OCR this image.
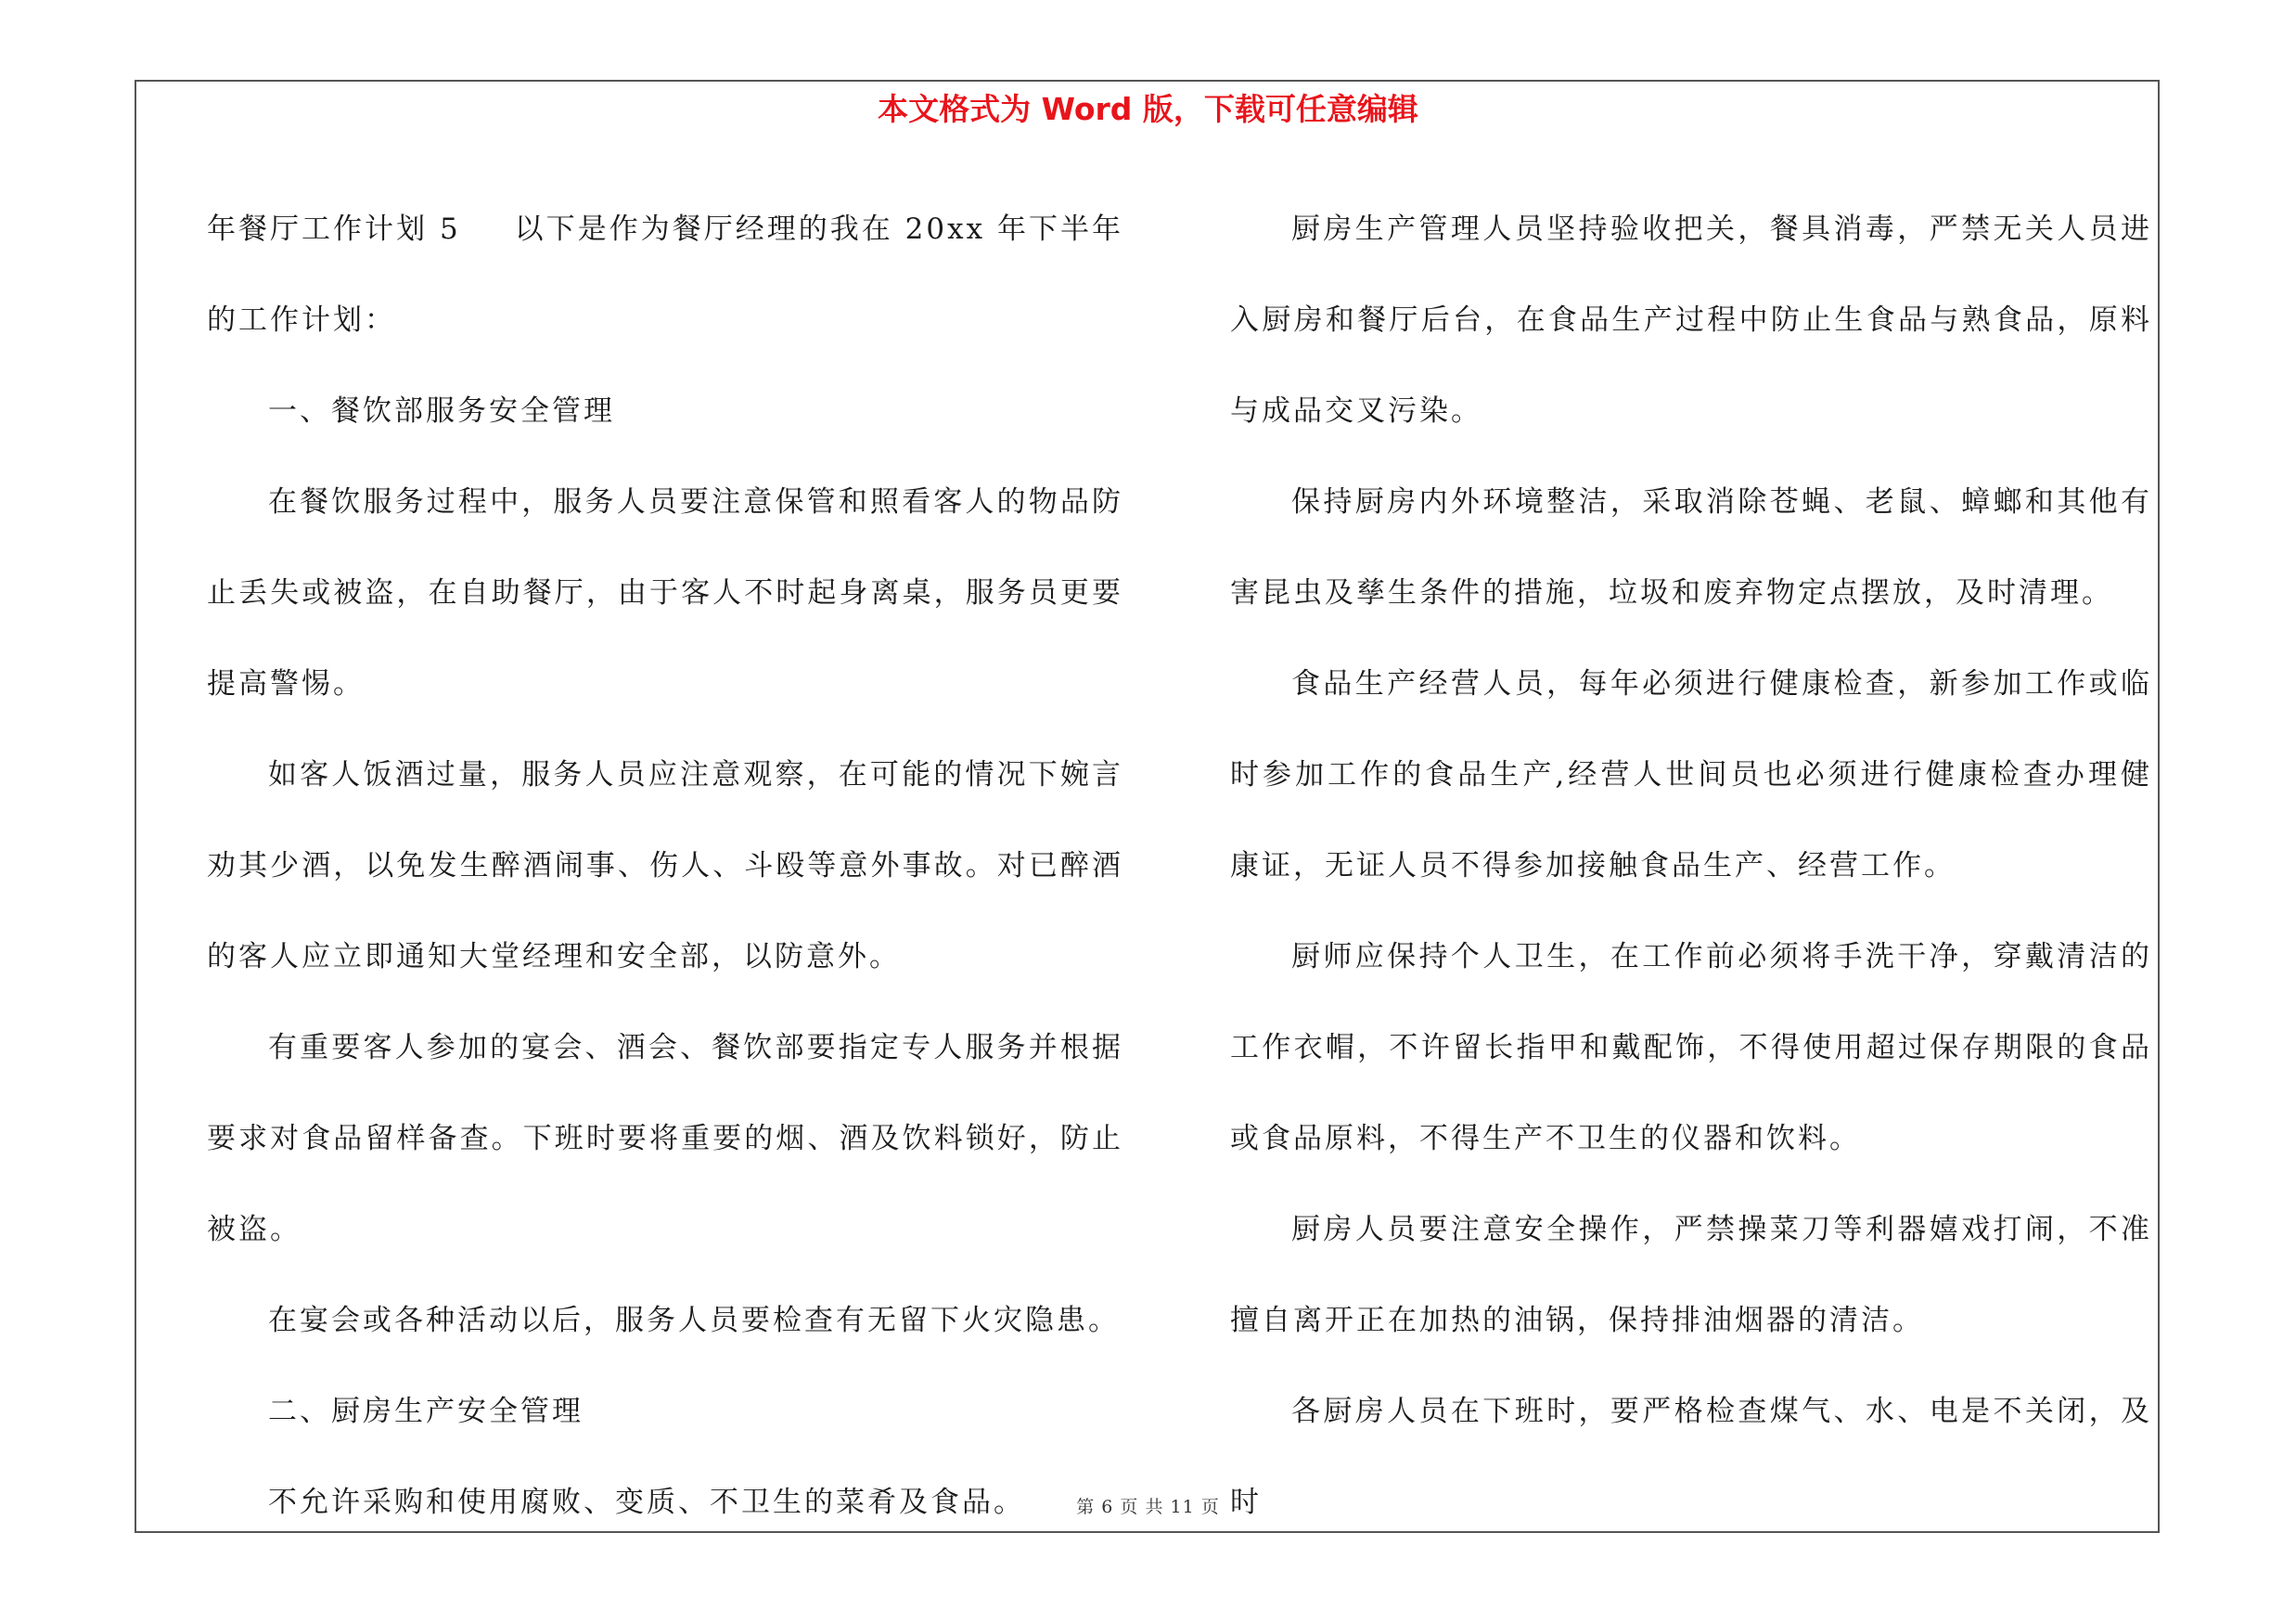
本文格式为 Word 版，下载可任意编辑

年餐厅工作计划 5 以下是作为餐厅经理的我在 20xx 年下半年的工作计划：

一、餐饮部服务安全管理

在餐饮服务过程中，服务人员要注意保管和照看客人的物品防止丢失或被盗，在自助餐厅，由于客人不时起身离桌，服务员更要提高警惕。

如客人饭酒过量，服务人员应注意观察，在可能的情况下婉言劝其少酒，以免发生醉酒闹事、伤人、斗殴等意外事故。对已醉酒的客人应立即通知大堂经理和安全部，以防意外。

有重要客人参加的宴会、酒会、餐饮部要指定专人服务并根据要求对食品留样备查。下班时要将重要的烟、酒及饮料锁好，防止被盗。

在宴会或各种活动以后，服务人员要检查有无留下火灾隐患。

二、厨房生产安全管理

不允许采购和使用腐败、变质、不卫生的菜肴及食品。

厨房生产管理人员坚持验收把关，餐具消毒，严禁无关人员进入厨房和餐厅后台，在食品生产过程中防止生食品与熟食品，原料与成品交叉污染。

保持厨房内外环境整洁，采取消除苍蝇、老鼠、蟑螂和其他有害昆虫及孳生条件的措施，垃圾和废弃物定点摆放，及时清理。

食品生产经营人员，每年必须进行健康检查，新参加工作或临时参加工作的食品生产,经营人世间员也必须进行健康检查办理健康证，无证人员不得参加接触食品生产、经营工作。

厨师应保持个人卫生，在工作前必须将手洗干净，穿戴清洁的工作衣帽，不许留长指甲和戴配饰，不得使用超过保存期限的食品或食品原料，不得生产不卫生的仪器和饮料。

厨房人员要注意安全操作，严禁操菜刀等利器嬉戏打闹，不准擅自离开正在加热的油锅，保持排油烟器的清洁。

各厨房人员在下班时，要严格检查煤气、水、电是不关闭，及时

第 6 页 共 11 页
